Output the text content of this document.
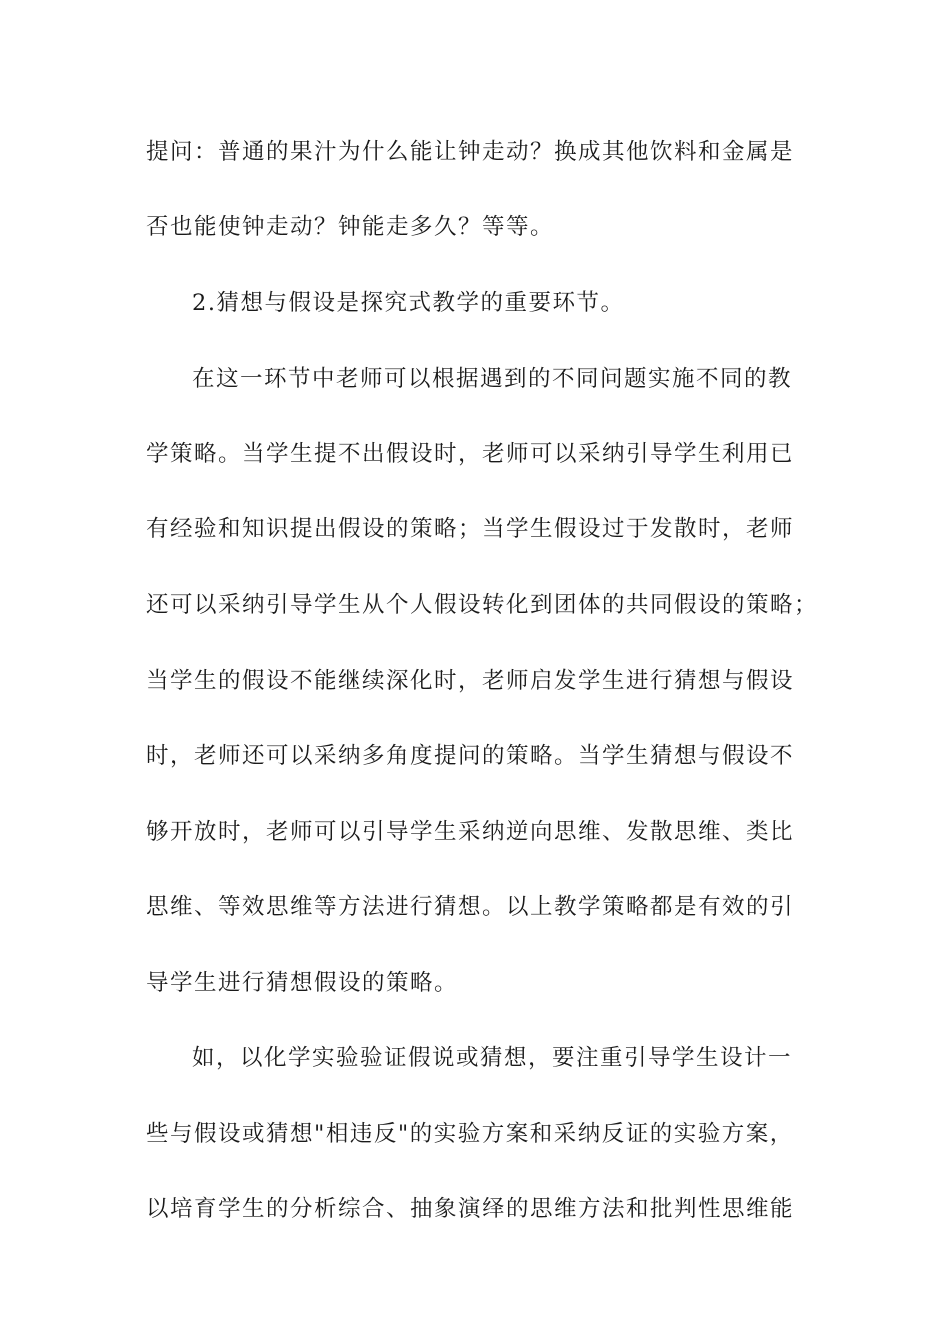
提问：普通的果汁为什么能让钟走动？换成其他饮料和金属是
否也能使钟走动？钟能走多久？等等。
2.猜想与假设是探究式教学的重要环节。
在这一环节中老师可以根据遇到的不同问题实施不同的教
学策略。当学生提不出假设时，老师可以采纳引导学生利用已
有经验和知识提出假设的策略；当学生假设过于发散时，老师
还可以采纳引导学生从个人假设转化到团体的共同假设的策略；
当学生的假设不能继续深化时，老师启发学生进行猜想与假设
时，老师还可以采纳多角度提问的策略。当学生猜想与假设不
够开放时，老师可以引导学生采纳逆向思维、发散思维、类比
思维、等效思维等方法进行猜想。以上教学策略都是有效的引
导学生进行猜想假设的策略。
如，以化学实验验证假说或猜想，要注重引导学生设计一
些与假设或猜想"相违反"的实验方案和采纳反证的实验方案，
以培育学生的分析综合、抽象演绎的思维方法和批判性思维能
